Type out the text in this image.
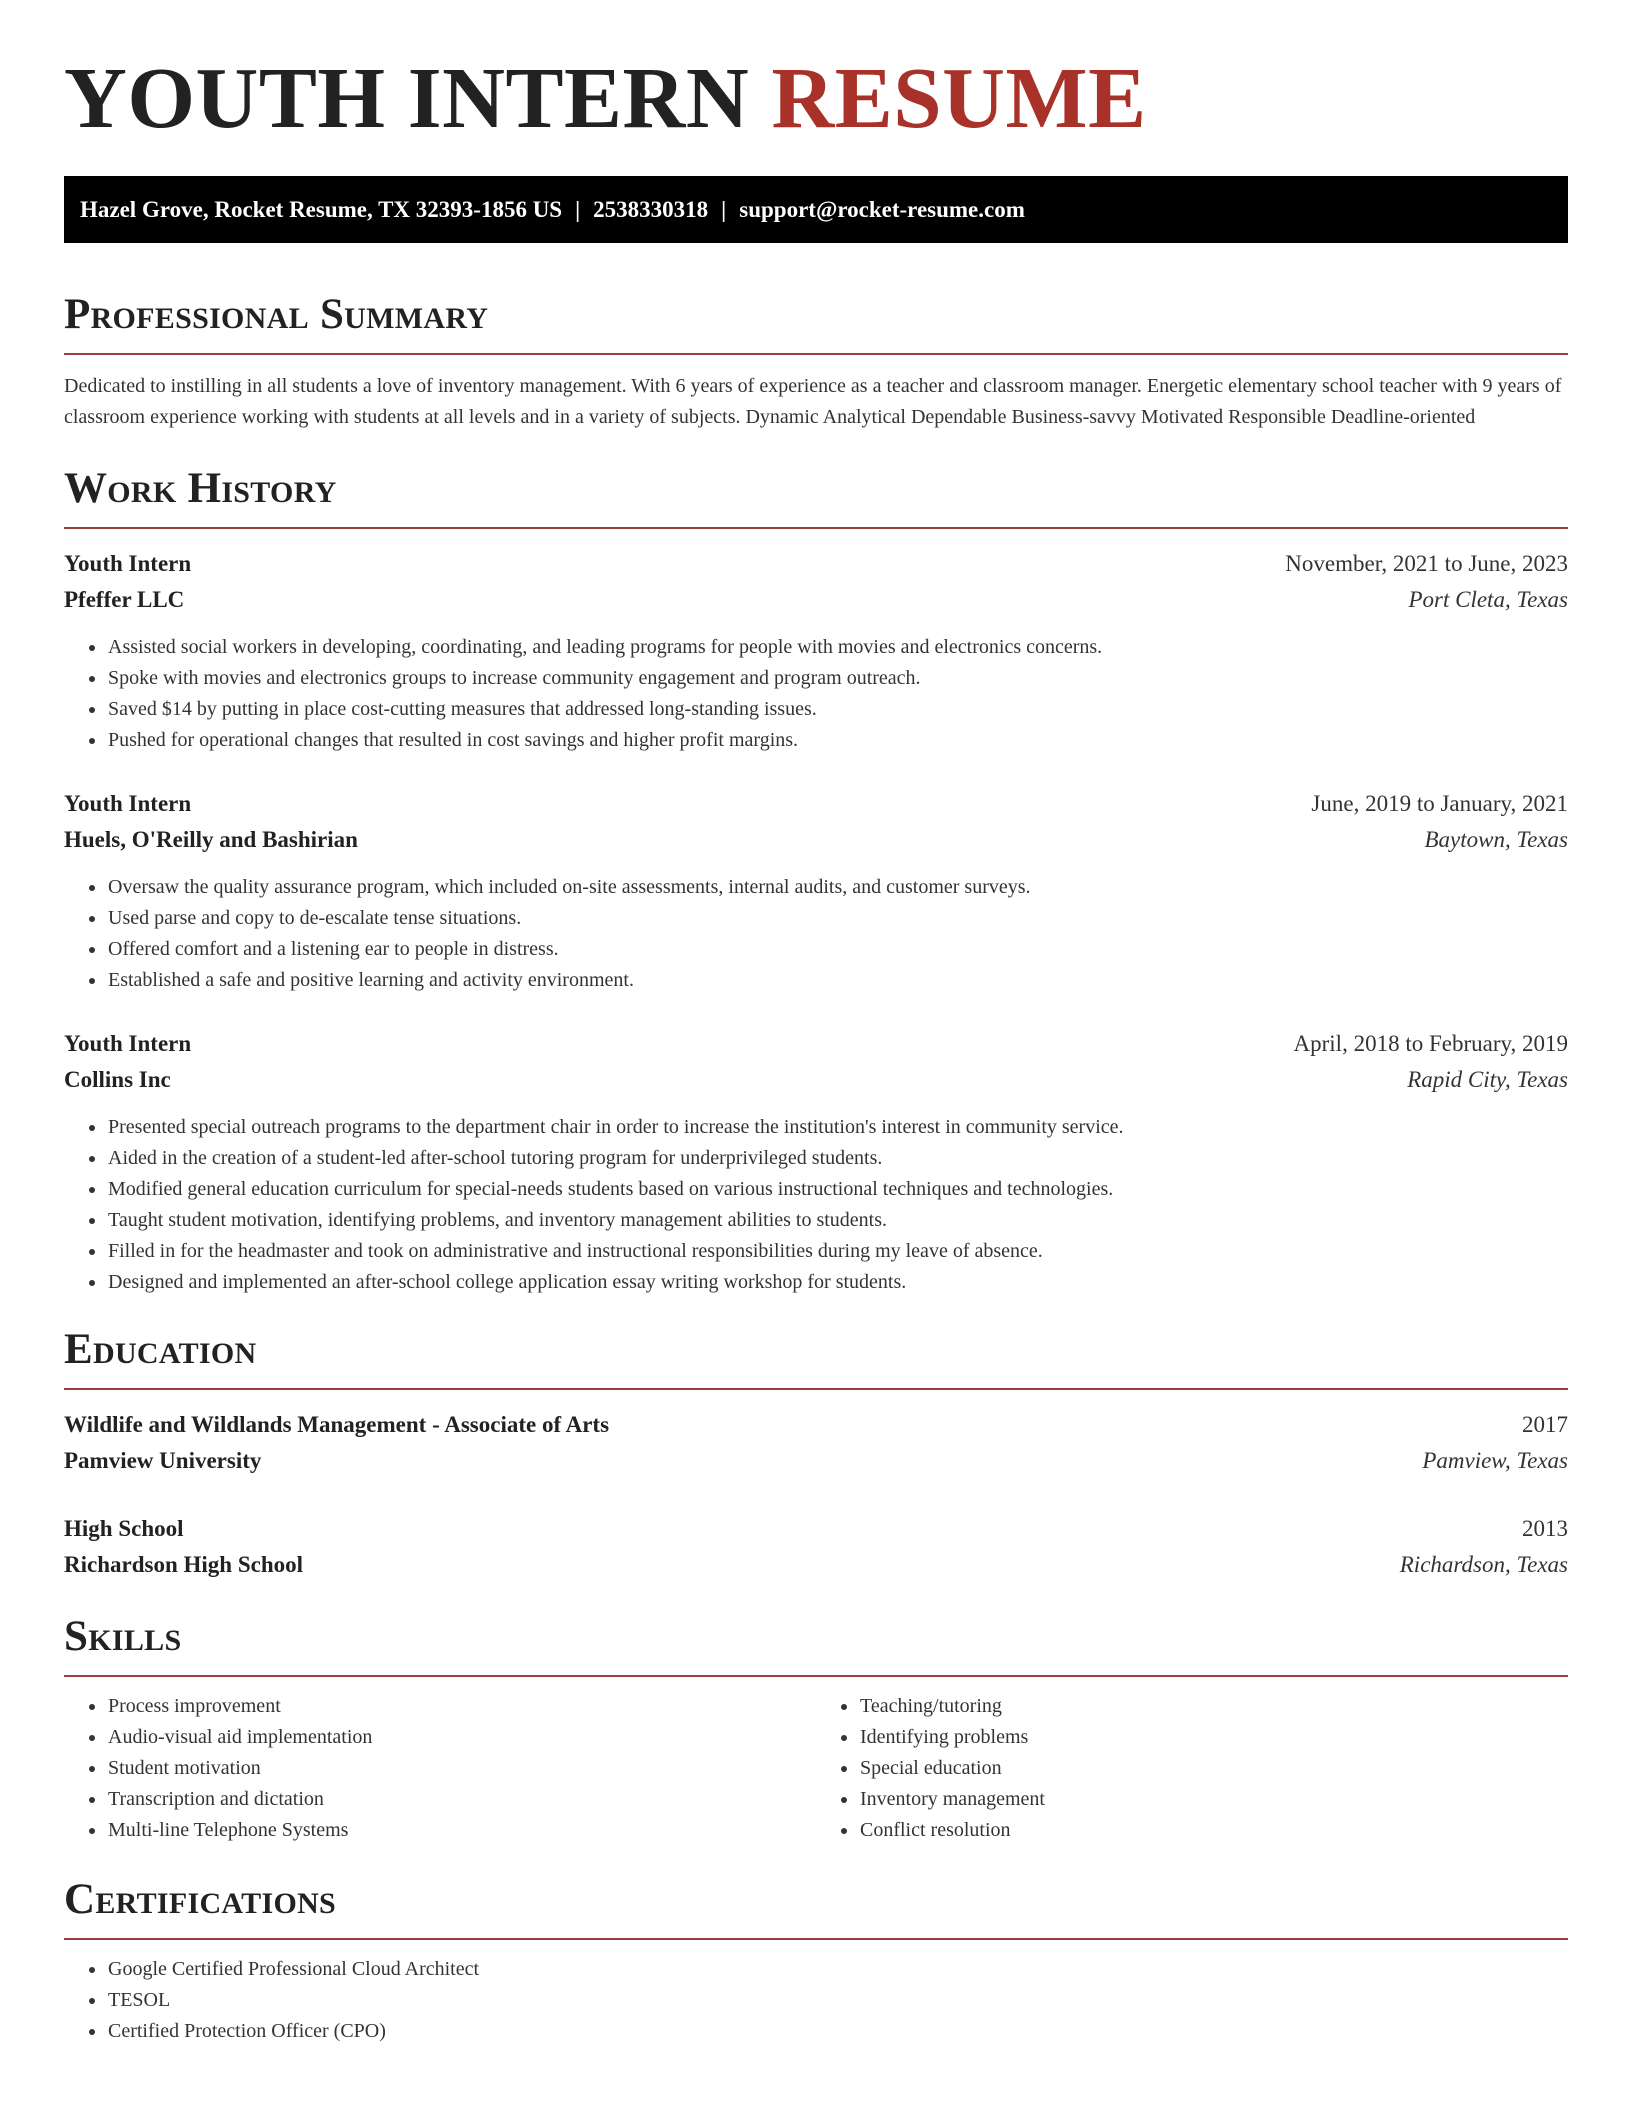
YOUTH INTERN RESUME
Hazel Grove, Rocket Resume, TX 32393-1856 US | 2538330318 | support@rocket-resume.com
Professional Summary

Dedicated to instilling in all students a love of inventory management. With 6 years of experience as a teacher and classroom manager. Energetic elementary school teacher with 9 years of classroom experience working with students at all levels and in a variety of subjects. Dynamic Analytical Dependable Business-savvy Motivated Responsible Deadline-oriented

Work History
Youth Intern	November, 2021 to June, 2023
Pfeffer LLC	Port Cleta, Texas
• Assisted social workers in developing, coordinating, and leading programs for people with movies and electronics concerns.
• Spoke with movies and electronics groups to increase community engagement and program outreach.
• Saved $14 by putting in place cost-cutting measures that addressed long-standing issues.
• Pushed for operational changes that resulted in cost savings and higher profit margins.
Youth Intern	June, 2019 to January, 2021
Huels, O'Reilly and Bashirian	Baytown, Texas
• Oversaw the quality assurance program, which included on-site assessments, internal audits, and customer surveys.
• Used parse and copy to de-escalate tense situations.
• Offered comfort and a listening ear to people in distress.
• Established a safe and positive learning and activity environment.
Youth Intern	April, 2018 to February, 2019
Collins Inc	Rapid City, Texas
• Presented special outreach programs to the department chair in order to increase the institution's interest in community service.
• Aided in the creation of a student-led after-school tutoring program for underprivileged students.
• Modified general education curriculum for special-needs students based on various instructional techniques and technologies.
• Taught student motivation, identifying problems, and inventory management abilities to students.
• Filled in for the headmaster and took on administrative and instructional responsibilities during my leave of absence.
• Designed and implemented an after-school college application essay writing workshop for students.
Education
Wildlife and Wildlands Management - Associate of Arts	2017
Pamview University	Pamview, Texas
High School	2013
Richardson High School	Richardson, Texas
Skills
• Process improvement
• Audio-visual aid implementation
• Student motivation
• Transcription and dictation
• Multi-line Telephone Systems
• Teaching/tutoring
• Identifying problems
• Special education
• Inventory management
• Conflict resolution
Certifications
• Google Certified Professional Cloud Architect
• TESOL
• Certified Protection Officer (CPO)
